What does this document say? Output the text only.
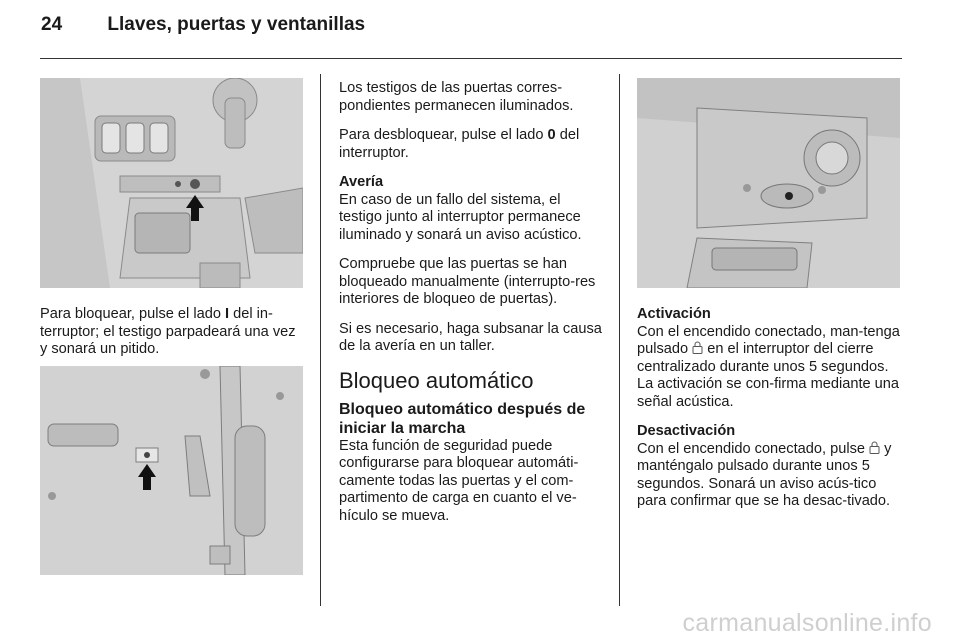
24 Llaves, puertas y ventanillas

Para bloquear, pulse el lado I del in-terruptor; el testigo parpadeará una vez y sonará un pitido.

Los testigos de las puertas corres-pondientes permanecen iluminados.

Para desbloquear, pulse el lado 0 del interruptor.

Avería
En caso de un fallo del sistema, el testigo junto al interruptor permanece iluminado y sonará un aviso acústico.

Compruebe que las puertas se han bloqueado manualmente (interrupto-res interiores de bloqueo de puertas).

Si es necesario, haga subsanar la causa de la avería en un taller.

Bloqueo automático
Bloqueo automático después de iniciar la marcha

Esta función de seguridad puede configurarse para bloquear automáti-camente todas las puertas y el com-partimento de carga en cuanto el ve-hículo se mueva.

Activación
Con el encendido conectado, man-tenga pulsado  en el interruptor del cierre centralizado durante unos 5 segundos. La activación se con-firma mediante una señal acústica.
Desactivación
Con el encendido conectado, pulse  y manténgalo pulsado durante unos 5 segundos. Sonará un aviso acús-tico para confirmar que se ha desac-tivado.
carmanualsonline.info
